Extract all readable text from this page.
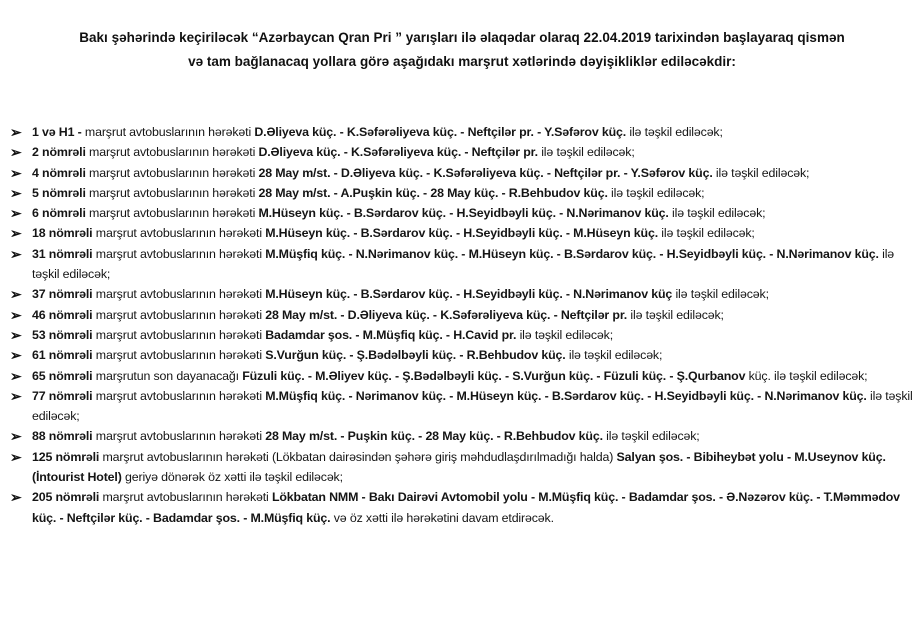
Bakı şəhərində keçiriləcək “Azərbaycan Qran Pri ” yarışları ilə əlaqədar olaraq 22.04.2019 tarixindən başlayaraq qismən
və tam bağlanacaq yollara görə aşağıdakı marşrut xətlərində dəyişikliklər ediləcəkdir:
➢ 1 və H1 - marşrut avtobuslarının hərəkəti D.Əliyeva küç. - K.Səfərəliyeva küç. - Neftçilər pr. - Y.Səfərov küç. ilə təşkil ediləcək;
➢ 2 nömrəli marşrut avtobuslarının hərəkəti D.Əliyeva küç. - K.Səfərəliyeva küç. - Neftçilər pr. ilə təşkil ediləcək;
➢ 4 nömrəli marşrut avtobuslarının hərəkəti 28 May m/st. - D.Əliyeva küç. - K.Səfərəliyeva küç. - Neftçilər pr. - Y.Səfərov küç. ilə təşkil ediləcək;
➢ 5 nömrəli marşrut avtobuslarının hərəkəti 28 May m/st. - A.Puşkin küç. - 28 May küç. - R.Behbudov küç. ilə təşkil ediləcək;
➢ 6 nömrəli marşrut avtobuslarının hərəkəti M.Hüseyn küç. - B.Sərdarov küç. - H.Seyidbəyli küç. - N.Nərimanov küç. ilə təşkil ediləcək;
➢ 18 nömrəli marşrut avtobuslarının hərəkəti M.Hüseyn küç. - B.Sərdarov küç. - H.Seyidbəyli küç. - M.Hüseyn küç. ilə təşkil ediləcək;
➢ 31 nömrəli marşrut avtobuslarının hərəkəti M.Müşfiq küç. - N.Nərimanov küç. - M.Hüseyn küç. - B.Sərdarov küç. - H.Seyidbəyli küç. - N.Nərimanov küç. ilə təşkil ediləcək;
➢ 37 nömrəli marşrut avtobuslarının hərəkəti M.Hüseyn küç. - B.Sərdarov küç. - H.Seyidbəyli küç. - N.Nərimanov küç ilə təşkil ediləcək;
➢ 46 nömrəli marşrut avtobuslarının hərəkəti 28 May m/st. - D.Əliyeva küç. - K.Səfərəliyeva küç. - Neftçilər pr. ilə təşkil ediləcək;
➢ 53 nömrəli marşrut avtobuslarının hərəkəti Badamdar şos. - M.Müşfiq küç. - H.Cavid pr. ilə təşkil ediləcək;
➢ 61 nömrəli marşrut avtobuslarının hərəkəti S.Vurğun küç. - Ş.Bədəlbəyli küç. - R.Behbudov küç. ilə təşkil ediləcək;
➢ 65 nömrəli marşrutun son dayanacağı Füzuli küç. - M.Əliyev küç. - Ş.Bədəlbəyli küç. - S.Vurğun küç. - Füzuli küç. - Ş.Qurbanov küç. ilə təşkil ediləcək;
➢ 77 nömrəli marşrut avtobuslarının hərəkəti M.Müşfiq küç. - Nərimanov küç. - M.Hüseyn küç. - B.Sərdarov küç. - H.Seyidbəyli küç. - N.Nərimanov küç. ilə təşkil ediləcək;
➢ 88 nömrəli marşrut avtobuslarının hərəkəti 28 May m/st. - Puşkin küç. - 28 May küç. - R.Behbudov küç. ilə təşkil ediləcək;
➢ 125 nömrəli marşrut avtobuslarının hərəkəti (Lökbatan dairəsindən şəhərə giriş məhdudlaşdırılmadığı halda) Salyan şos. - Bibiheybət yolu - M.Useynov küç. (İntourist Hotel) geriyə dönərək öz xətti ilə təşkil ediləcək;
➢ 205 nömrəli marşrut avtobuslarının hərəkəti Lökbatan NMM - Bakı Dairəvi Avtomobil yolu - M.Müşfiq küç. - Badamdar şos. - Ə.Nəzərov küç. - T.Məmmədov küç. - Neftçilər küç. - Badamdar şos. - M.Müşfiq küç. və öz xətti ilə hərəkətini davam etdirəcək.
